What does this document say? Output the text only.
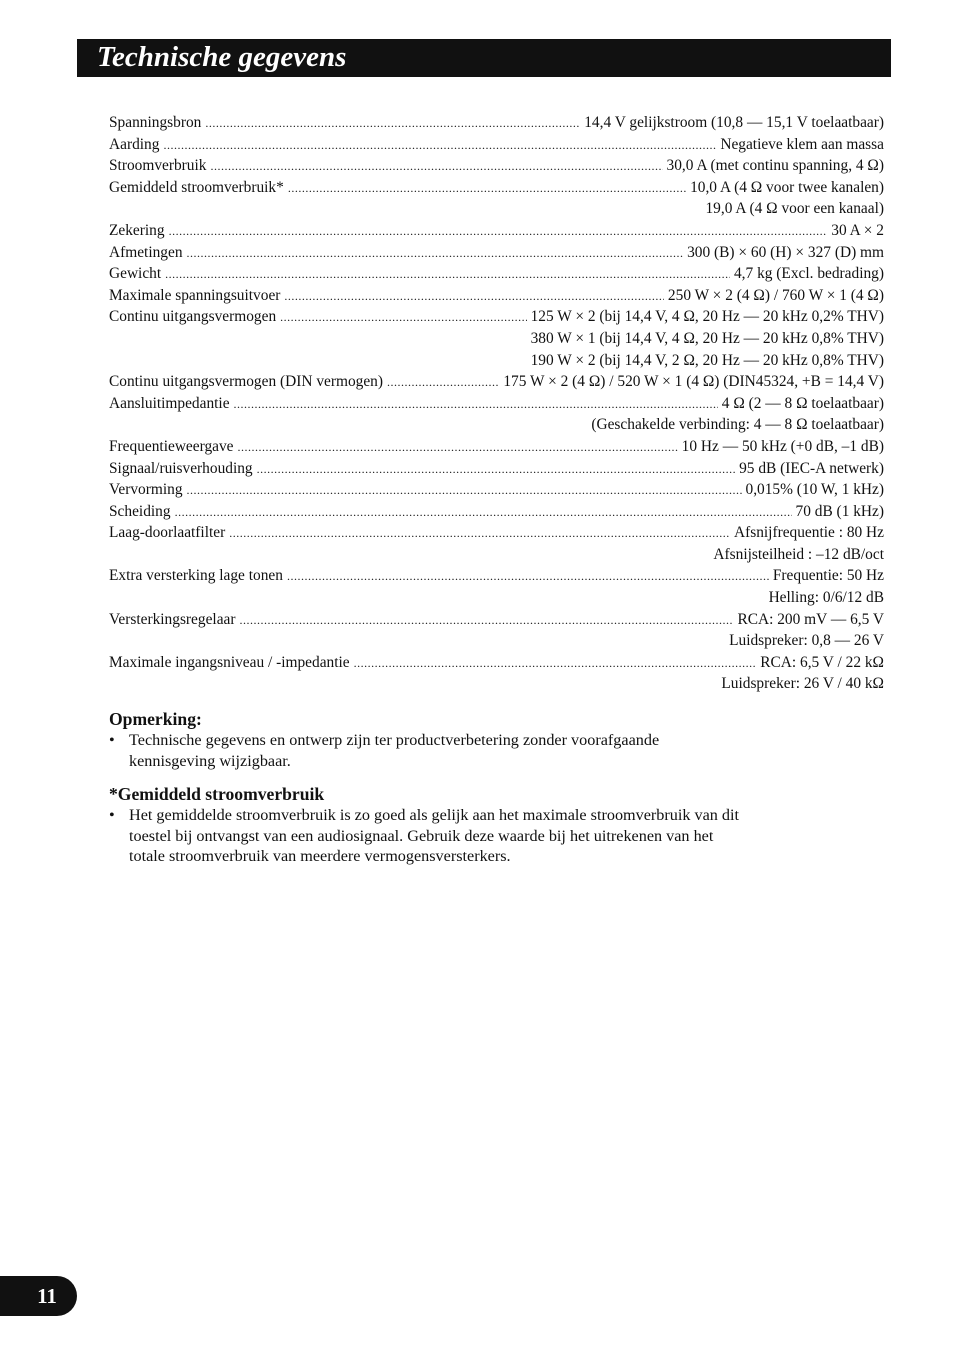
Technische gegevens
Spanningsbron .....	14,4 V gelijkstroom (10,8 — 15,1 V toelaatbaar)
Aarding .....	Negatieve klem aan massa
Stroomverbruik .....	30,0 A (met continu spanning, 4 Ω)
Gemiddeld stroomverbruik* .....	10,0 A (4 Ω voor twee kanalen)
19,0 A (4 Ω voor een kanaal)
Zekering .....	30 A × 2
Afmetingen .....	300 (B) × 60 (H) × 327 (D) mm
Gewicht .....	4,7 kg (Excl. bedrading)
Maximale spanningsuitvoer .....	250 W × 2 (4 Ω) / 760 W × 1 (4 Ω)
Continu uitgangsvermogen .....	125 W × 2 (bij 14,4 V, 4 Ω, 20 Hz — 20 kHz 0,2% THV)
380 W × 1 (bij 14,4 V, 4 Ω, 20 Hz — 20 kHz 0,8% THV)
190 W × 2 (bij 14,4 V, 2 Ω, 20 Hz — 20 kHz 0,8% THV)
Continu uitgangsvermogen (DIN vermogen) .....	175 W × 2 (4 Ω) / 520 W × 1 (4 Ω) (DIN45324, +B = 14,4 V)
Aansluitimpedantie .....	4 Ω (2 — 8 Ω toelaatbaar)
(Geschakelde verbinding: 4 — 8 Ω toelaatbaar)
Frequentieweergave .....	10 Hz — 50 kHz (+0 dB, –1 dB)
Signaal/ruisverhouding .....	95 dB (IEC-A netwerk)
Vervorming .....	0,015% (10 W, 1 kHz)
Scheiding .....	70 dB (1 kHz)
Laag-doorlaatfilter .....	Afsnijfrequentie : 80 Hz
Afsnijsteilheid : –12 dB/oct
Extra versterking lage tonen .....	Frequentie: 50 Hz
Helling: 0/6/12 dB
Versterkingsregelaar .....	RCA: 200 mV — 6,5 V
Luidspreker: 0,8 — 26 V
Maximale ingangsniveau / -impedantie .....	RCA: 6,5 V / 22 kΩ
Luidspreker: 26 V / 40 kΩ

Opmerking:

• Technische gegevens en ontwerp zijn ter productverbetering zonder voorafgaande kennisgeving wijzigbaar.

*Gemiddeld stroomverbruik

• Het gemiddelde stroomverbruik is zo goed als gelijk aan het maximale stroomverbruik van dit toestel bij ontvangst van een audiosignaal. Gebruik deze waarde bij het uitrekenen van het totale stroomverbruik van meerdere vermogensversterkers.
11
